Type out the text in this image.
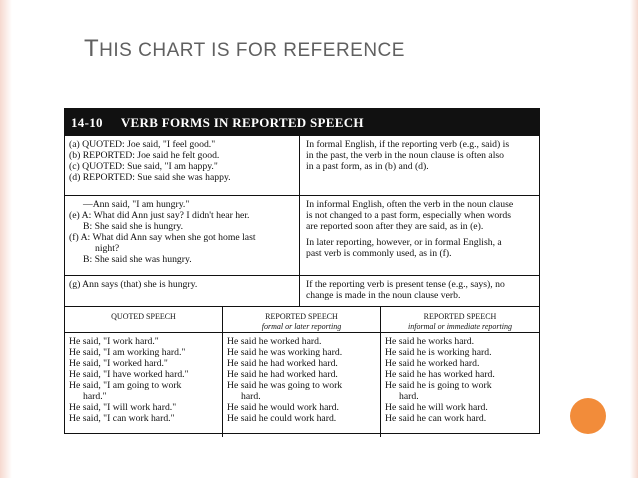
THIS CHART IS FOR REFERENCE
14-10 VERB FORMS IN REPORTED SPEECH
(a) QUOTED: Joe said, "I feel good."
(b) REPORTED: Joe said he felt good.
(c) QUOTED: Sue said, "I am happy."
(d) REPORTED: Sue said she was happy.
In formal English, if the reporting verb (e.g., said) is
in the past, the verb in the noun clause is often also
in a past form, as in (b) and (d).
—Ann said, "I am hungry."
(e) A: What did Ann just say? I didn't hear her.
B: She said she is hungry.
(f) A: What did Ann say when she got home last
night?
B: She said she was hungry.
In informal English, often the verb in the noun clause
is not changed to a past form, especially when words
are reported soon after they are said, as in (e).
In later reporting, however, or in formal English, a
past verb is commonly used, as in (f).
(g) Ann says (that) she is hungry.	If the reporting verb is present tense (e.g., says), no
change is made in the noun clause verb.
QUOTED SPEECH
He said, "I work hard."
He said, "I am working hard."
He said, "I worked hard."
He said, "I have worked hard."
He said, "I am going to work
hard."
He said, "I will work hard."
He said, "I can work hard."
REPORTED SPEECH
formal or later reporting
He said he worked hard.
He said he was working hard.
He said he had worked hard.
He said he had worked hard.
He said he was going to work
hard.
He said he would work hard.
He said he could work hard.
REPORTED SPEECH
informal or immediate reporting
He said he works hard.
He said he is working hard.
He said he worked hard.
He said he has worked hard.
He said he is going to work
hard.
He said he will work hard.
He said he can work hard.
